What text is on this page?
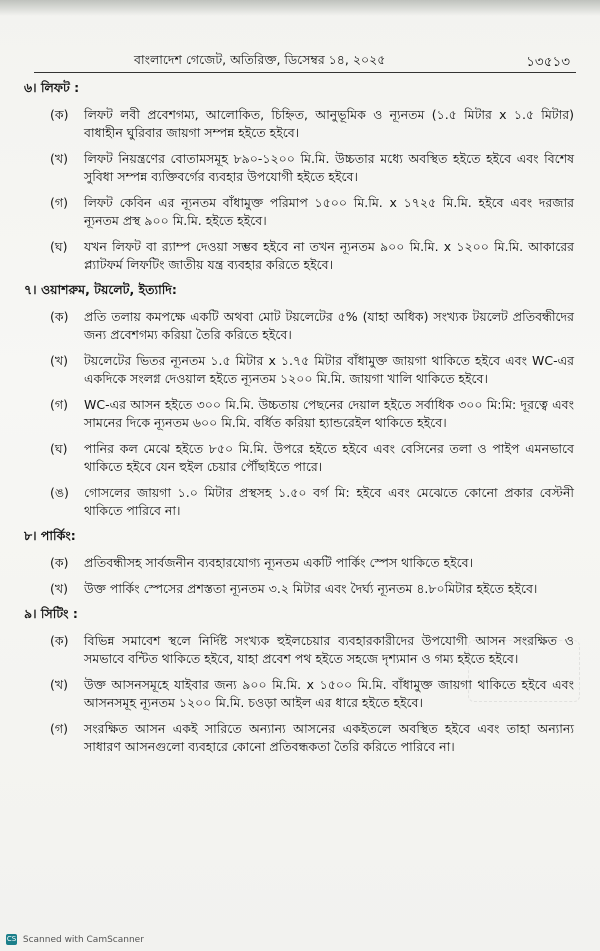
বাংলাদেশ গেজেট, অতিরিক্ত, ডিসেম্বর ১৪, ২০২৫	১৩৫১৩
৬। লিফট :
(ক)	লিফট লবী প্রবেশগম্য, আলোকিত, চিহ্নিত, আনুভূমিক ও ন্যূনতম (১.৫ মিটার x ১.৫ মিটার) বাধাহীন ঘুরিবার জায়গা সম্পন্ন হইতে হইবে।
(খ)	লিফট নিয়ন্ত্রণের বোতামসমূহ ৮৯০-১২০০ মি.মি. উচ্চতার মধ্যে অবস্থিত হইতে হইবে এবং বিশেষ সুবিধা সম্পন্ন ব্যক্তিবর্গের ব্যবহার উপযোগী হইতে হইবে।
(গ)	লিফট কেবিন এর ন্যূনতম বাঁধামুক্ত পরিমাপ ১৫০০ মি.মি. x ১৭২৫ মি.মি. হইবে এবং দরজার ন্যূনতম প্রস্থ ৯০০ মি.মি. হইতে হইবে।
(ঘ)	যখন লিফট বা র‍্যাম্প দেওয়া সম্ভব হইবে না তখন ন্যূনতম ৯০০ মি.মি. x ১২০০ মি.মি. আকারের প্ল্যাটফর্ম লিফটিং জাতীয় যন্ত্র ব্যবহার করিতে হইবে।
৭। ওয়াশরুম, টয়লেট, ইত্যাদি:
(ক)	প্রতি তলায় কমপক্ষে একটি অথবা মোট টয়লেটের ৫% (যাহা অধিক) সংখ্যক টয়লেট প্রতিবন্ধীদের জন্য প্রবেশগম্য করিয়া তৈরি করিতে হইবে।
(খ)	টয়লেটের ভিতর ন্যূনতম ১.৫ মিটার x ১.৭৫ মিটার বাঁধামুক্ত জায়গা থাকিতে হইবে এবং WC-এর একদিকে সংলগ্ন দেওয়াল হইতে ন্যূনতম ১২০০ মি.মি. জায়গা খালি থাকিতে হইবে।
(গ)	WC-এর আসন হইতে ৩০০ মি.মি. উচ্চতায় পেছনের দেয়াল হইতে সর্বাধিক ৩০০ মি:মি: দূরত্বে এবং সামনের দিকে ন্যূনতম ৬০০ মি.মি. বর্ধিত করিয়া হ্যান্ডরেইল থাকিতে হইবে।
(ঘ)	পানির কল মেঝে হইতে ৮৫০ মি.মি. উপরে হইতে হইবে এবং বেসিনের তলা ও পাইপ এমনভাবে থাকিতে হইবে যেন হুইল চেয়ার পৌঁছাইতে পারে।
(ঙ)	গোসলের জায়গা ১.০ মিটার প্রস্থসহ ১.৫০ বর্গ মি: হইবে এবং মেঝেতে কোনো প্রকার বেস্টনী থাকিতে পারিবে না।
৮। পার্কিং:
(ক)	প্রতিবন্ধীসহ সার্বজনীন ব্যবহারযোগ্য ন্যূনতম একটি পার্কিং স্পেস থাকিতে হইবে।
(খ)	উক্ত পার্কিং স্পেসের প্রশস্ততা ন্যূনতম ৩.২ মিটার এবং দৈর্ঘ্য ন্যূনতম ৪.৮০মিটার হইতে হইবে।
৯। সিটিং :
(ক)	বিভিন্ন সমাবেশ স্থলে নির্দিষ্ট সংখ্যক হুইলচেয়ার ব্যবহারকারীদের উপযোগী আসন সংরক্ষিত ও সমভাবে বন্টিত থাকিতে হইবে, যাহা প্রবেশ পথ হইতে সহজে দৃশ্যমান ও গম্য হইতে হইবে।
(খ)	উক্ত আসনসমূহে যাইবার জন্য ৯০০ মি.মি. x ১৫০০ মি.মি. বাঁধামুক্ত জায়গা থাকিতে হইবে এবং আসনসমূহ ন্যূনতম ১২০০ মি.মি. চওড়া আইল এর ধারে হইতে হইবে।
(গ)	সংরক্ষিত আসন একই সারিতে অন্যান্য আসনের একইতলে অবস্থিত হইবে এবং তাহা অন্যান্য সাধারণ আসনগুলো ব্যবহারে কোনো প্রতিবন্ধকতা তৈরি করিতে পারিবে না।
CS Scanned with CamScanner
